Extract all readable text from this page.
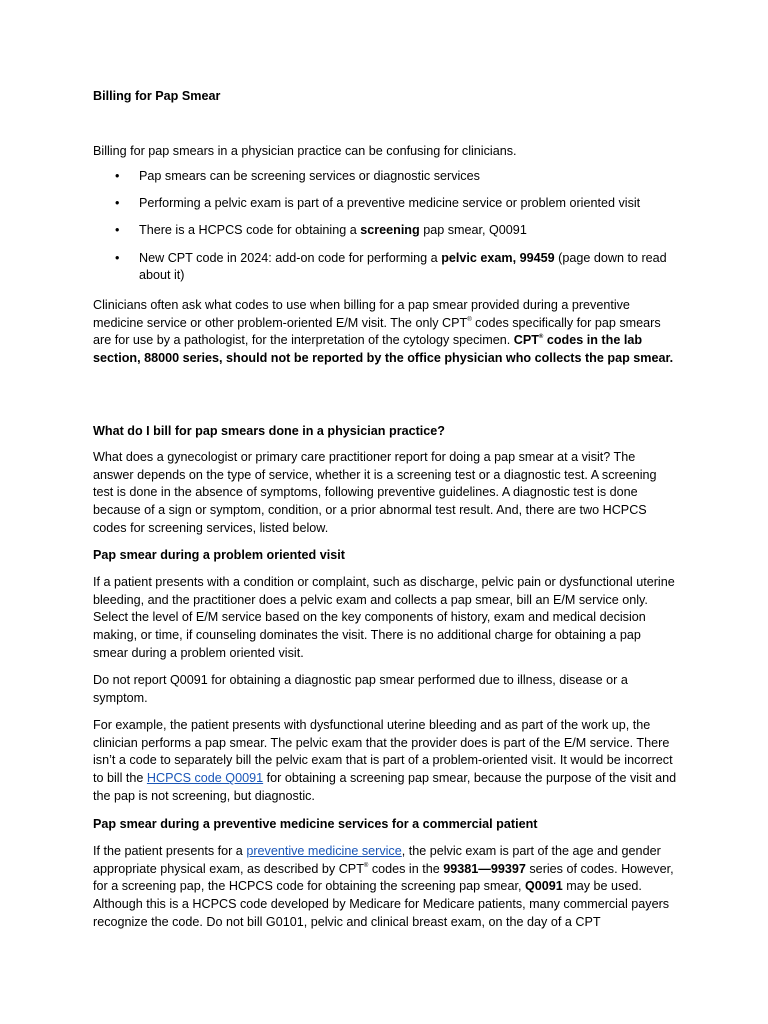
Billing for Pap Smear

Billing for pap smears in a physician practice can be confusing for clinicians.

• Pap smears can be screening services or diagnostic services
• Performing a pelvic exam is part of a preventive medicine service or problem oriented visit
• There is a HCPCS code for obtaining a screening pap smear, Q0091
• New CPT code in 2024: add-on code for performing a pelvic exam, 99459 (page down to read about it)

Clinicians often ask what codes to use when billing for a pap smear provided during a preventive medicine service or other problem-oriented E/M visit. The only CPT® codes specifically for pap smears are for use by a pathologist, for the interpretation of the cytology specimen. CPT® codes in the lab section, 88000 series, should not be reported by the office physician who collects the pap smear.

What do I bill for pap smears done in a physician practice?

What does a gynecologist or primary care practitioner report for doing a pap smear at a visit? The answer depends on the type of service, whether it is a screening test or a diagnostic test. A screening test is done in the absence of symptoms, following preventive guidelines. A diagnostic test is done because of a sign or symptom, condition, or a prior abnormal test result. And, there are two HCPCS codes for screening services, listed below.

Pap smear during a problem oriented visit

If a patient presents with a condition or complaint, such as discharge, pelvic pain or dysfunctional uterine bleeding, and the practitioner does a pelvic exam and collects a pap smear, bill an E/M service only. Select the level of E/M service based on the key components of history, exam and medical decision making, or time, if counseling dominates the visit. There is no additional charge for obtaining a pap smear during a problem oriented visit.

Do not report Q0091 for obtaining a diagnostic pap smear performed due to illness, disease or a symptom.

For example, the patient presents with dysfunctional uterine bleeding and as part of the work up, the clinician performs a pap smear. The pelvic exam that the provider does is part of the E/M service. There isn’t a code to separately bill the pelvic exam that is part of a problem-oriented visit. It would be incorrect to bill the HCPCS code Q0091 for obtaining a screening pap smear, because the purpose of the visit and the pap is not screening, but diagnostic.

Pap smear during a preventive medicine services for a commercial patient

If the patient presents for a preventive medicine service, the pelvic exam is part of the age and gender appropriate physical exam, as described by CPT® codes in the 99381—99397 series of codes. However, for a screening pap, the HCPCS code for obtaining the screening pap smear, Q0091 may be used. Although this is a HCPCS code developed by Medicare for Medicare patients, many commercial payers recognize the code. Do not bill G0101, pelvic and clinical breast exam, on the day of a CPT
